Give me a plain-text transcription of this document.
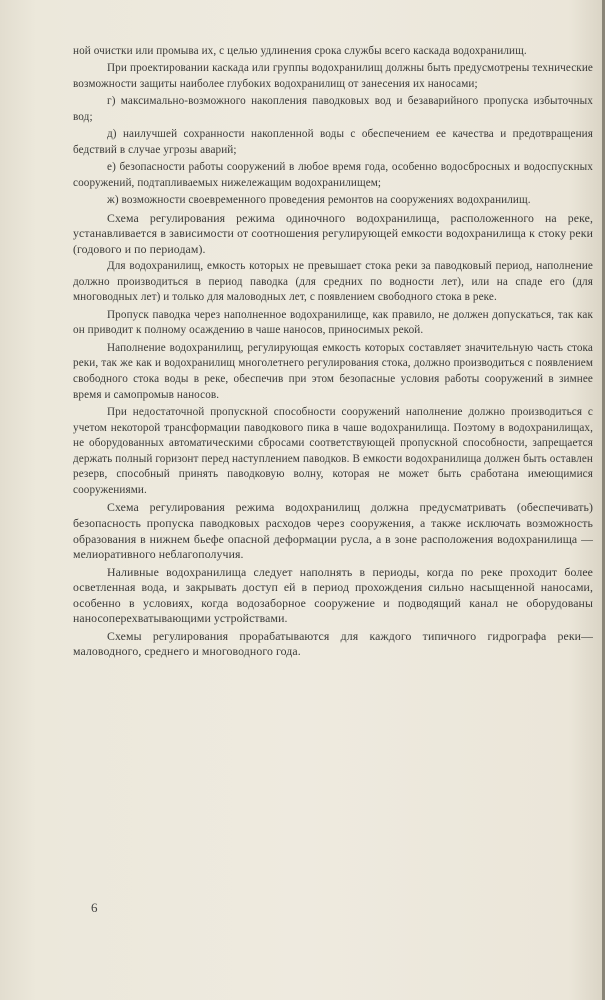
ной очистки или промыва их, с целью удлинения срока службы всего каскада водохранилищ.

При проектировании каскада или группы водохранилищ должны быть предусмотрены технические возможности защиты наиболее глубоких водохранилищ от занесения их наносами;

г) максимально-возможного накопления паводковых вод и безаварийного пропуска избыточных вод;

д) наилучшей сохранности накопленной воды с обеспечением ее качества и предотвращения бедствий в случае угрозы аварий;

е) безопасности работы сооружений в любое время года, особенно водосбросных и водоспускных сооружений, подтапливаемых нижележащим водохранилищем;

ж) возможности своевременного проведения ремонтов на сооружениях водохранилищ.

Схема регулирования режима одиночного водохранилища, расположенного на реке, устанавливается в зависимости от соотношения регулирующей емкости водохранилища к стоку реки (годового и по периодам).

Для водохранилищ, емкость которых не превышает стока реки за паводковый период, наполнение должно производиться в период паводка (для средних по водности лет), или на спаде его (для многоводных лет) и только для маловодных лет, с появлением свободного стока в реке.

Пропуск паводка через наполненное водохранилище, как правило, не должен допускаться, так как он приводит к полному осаждению в чаше наносов, приносимых рекой.

Наполнение водохранилищ, регулирующая емкость которых составляет значительную часть стока реки, так же как и водохранилищ многолетнего регулирования стока, должно производиться с появлением свободного стока воды в реке, обеспечив при этом безопасные условия работы сооружений в зимнее время и самопромыв наносов.

При недостаточной пропускной способности сооружений наполнение должно производиться с учетом некоторой трансформации паводкового пика в чаше водохранилища. Поэтому в водохранилищах, не оборудованных автоматическими сбросами соответствующей пропускной способности, запрещается держать полный горизонт перед наступлением паводков. В емкости водохранилища должен быть оставлен резерв, способный принять паводковую волну, которая не может быть сработана имеющимися сооружениями.

Схема регулирования режима водохранилищ должна предусматривать (обеспечивать) безопасность пропуска паводковых расходов через сооружения, а также исключать возможность образования в нижнем бьефе опасной деформации русла, а в зоне расположения водохранилища — мелиоративного неблагополучия.

Наливные водохранилища следует наполнять в периоды, когда по реке проходит более осветленная вода, и закрывать доступ ей в период прохождения сильно насыщенной наносами, особенно в условиях, когда водозаборное сооружение и подводящий канал не оборудованы наносоперехватывающими устройствами.

Схемы регулирования прорабатываются для каждого типичного гидрографа реки—маловодного, среднего и многоводного года.

6
